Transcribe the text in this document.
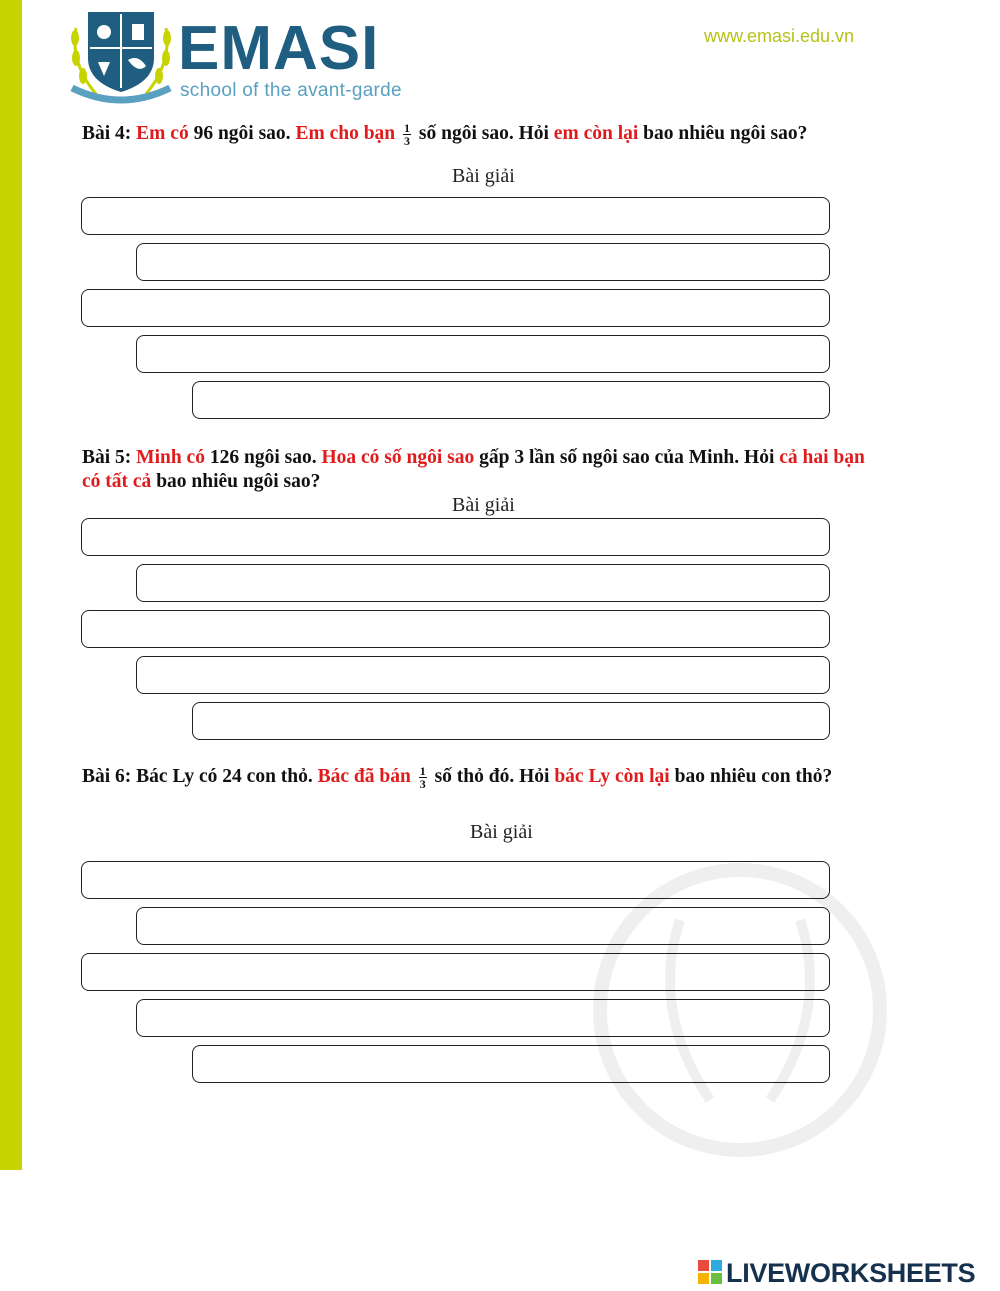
EMASI
school of the avant-garde
www.emasi.edu.vn
Bài 4: Em có 96 ngôi sao. Em cho bạn $\frac{1}{3}$ số ngôi sao. Hỏi em còn lại bao nhiêu ngôi sao?
Bài giải
Bài 5: Minh có 126 ngôi sao. Hoa có số ngôi sao gấp 3 lần số ngôi sao của Minh. Hỏi cả hai bạn
có tất cả bao nhiêu ngôi sao?
Bài giải
Bài 6: Bác Ly có 24 con thỏ. Bác đã bán $\frac{1}{3}$ số thỏ đó. Hỏi bác Ly còn lại bao nhiêu con thỏ?
Bài giải
LIVEWORKSHEETS
